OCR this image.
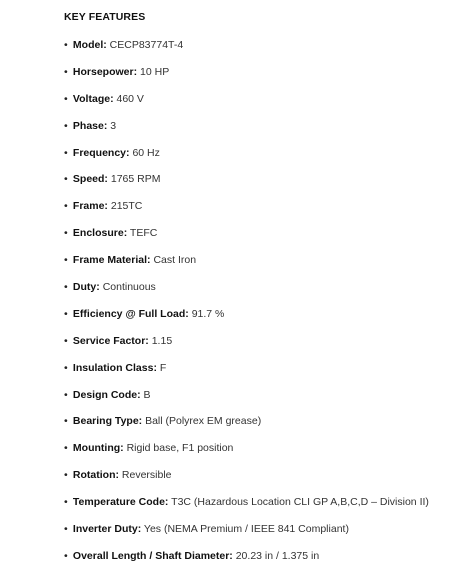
KEY FEATURES
• Model: CECP83774T-4
• Horsepower: 10 HP
• Voltage: 460 V
• Phase: 3
• Frequency: 60 Hz
• Speed: 1765 RPM
• Frame: 215TC
• Enclosure: TEFC
• Frame Material: Cast Iron
• Duty: Continuous
• Efficiency @ Full Load: 91.7 %
• Service Factor: 1.15
• Insulation Class: F
• Design Code: B
• Bearing Type: Ball (Polyrex EM grease)
• Mounting: Rigid base, F1 position
• Rotation: Reversible
• Temperature Code: T3C (Hazardous Location CLI GP A,B,C,D – Division II)
• Inverter Duty: Yes (NEMA Premium / IEEE 841 Compliant)
• Overall Length / Shaft Diameter: 20.23 in / 1.375 in
